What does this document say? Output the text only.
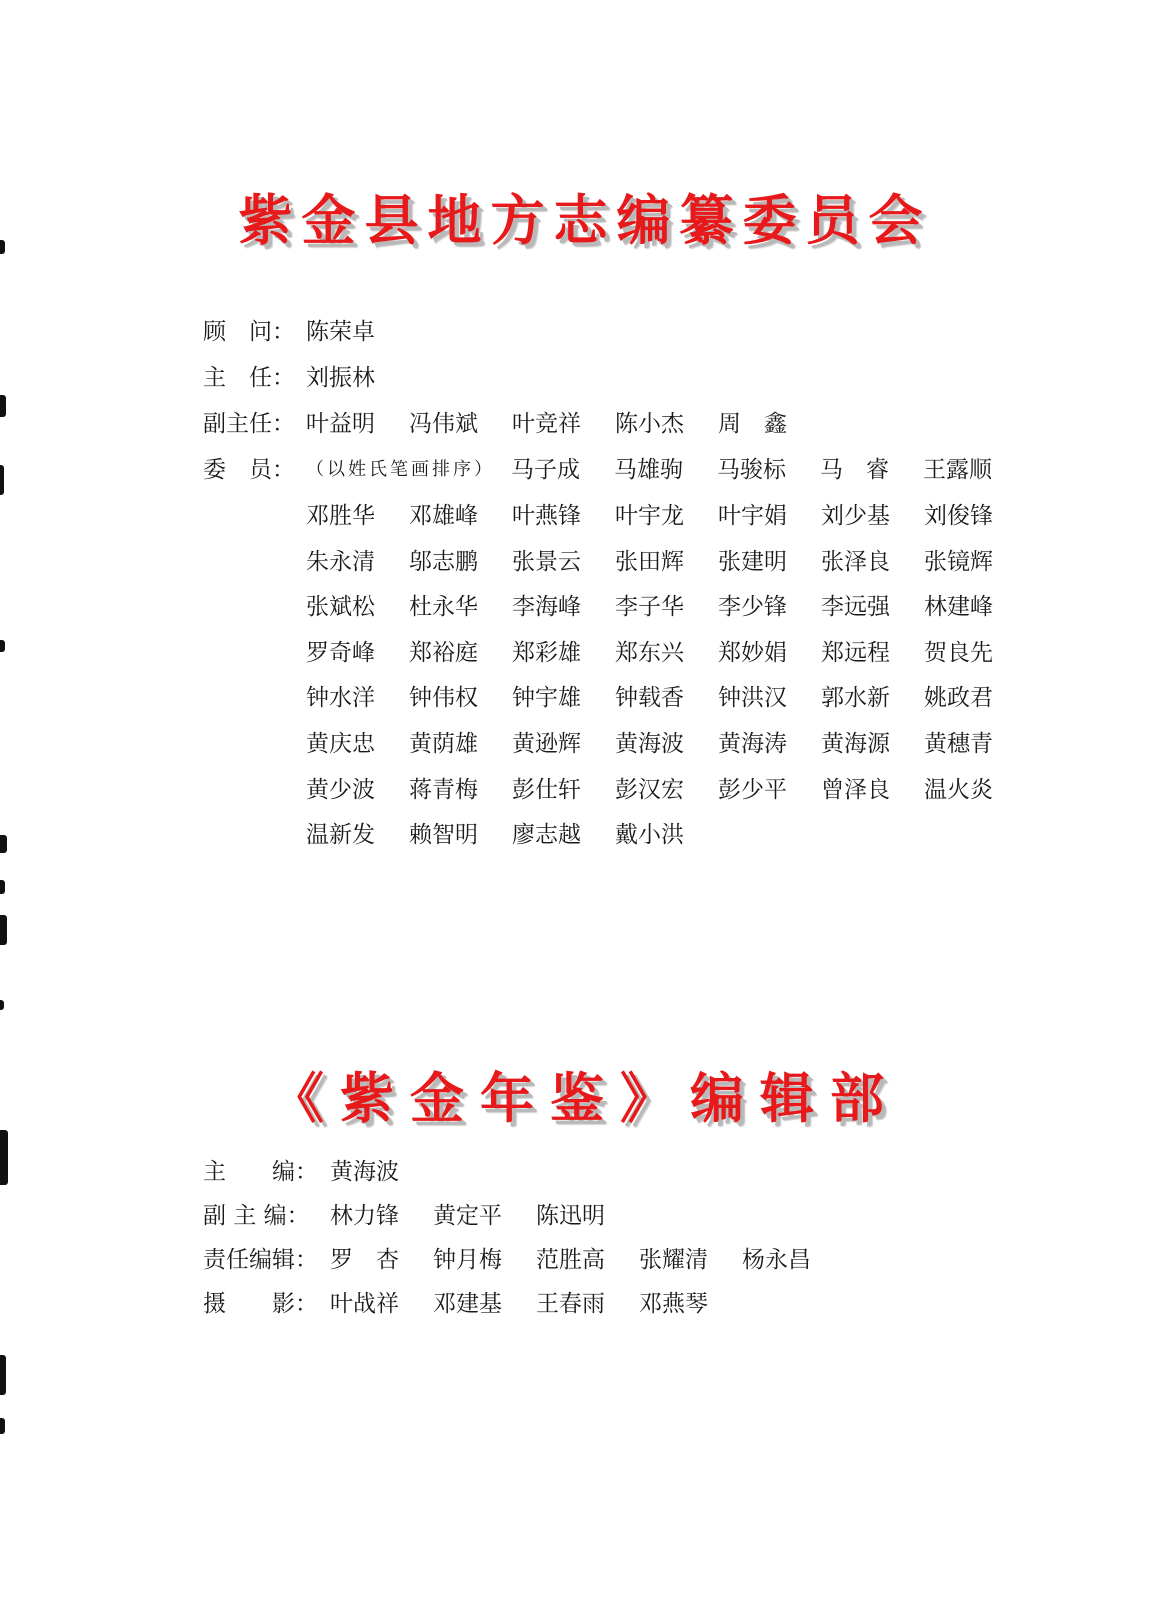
紫金县地方志编纂委员会
顾　问： 陈荣卓
主　任： 刘振林
副主任： 叶益明 冯伟斌 叶竞祥 陈小杰 周　鑫
委　员： （以姓氏笔画排序） 马子成 马雄驹 马骏标 马　睿 王露顺
邓胜华 邓雄峰 叶燕锋 叶宇龙 叶宇娟 刘少基 刘俊锋
朱永清 邬志鹏 张景云 张田辉 张建明 张泽良 张镜辉
张斌松 杜永华 李海峰 李子华 李少锋 李远强 林建峰
罗奇峰 郑裕庭 郑彩雄 郑东兴 郑妙娟 郑远程 贺良先
钟水洋 钟伟权 钟宇雄 钟载香 钟洪汉 郭水新 姚政君
黄庆忠 黄荫雄 黄逊辉 黄海波 黄海涛 黄海源 黄穗青
黄少波 蒋青梅 彭仕轩 彭汉宏 彭少平 曾泽良 温火炎
温新发 赖智明 廖志越 戴小洪
《紫金年鉴》编辑部
主　　编： 黄海波
副 主 编： 林力锋 黄定平 陈迅明
责任编辑： 罗　杏 钟月梅 范胜高 张耀清 杨永昌
摄　　影： 叶战祥 邓建基 王春雨 邓燕琴
